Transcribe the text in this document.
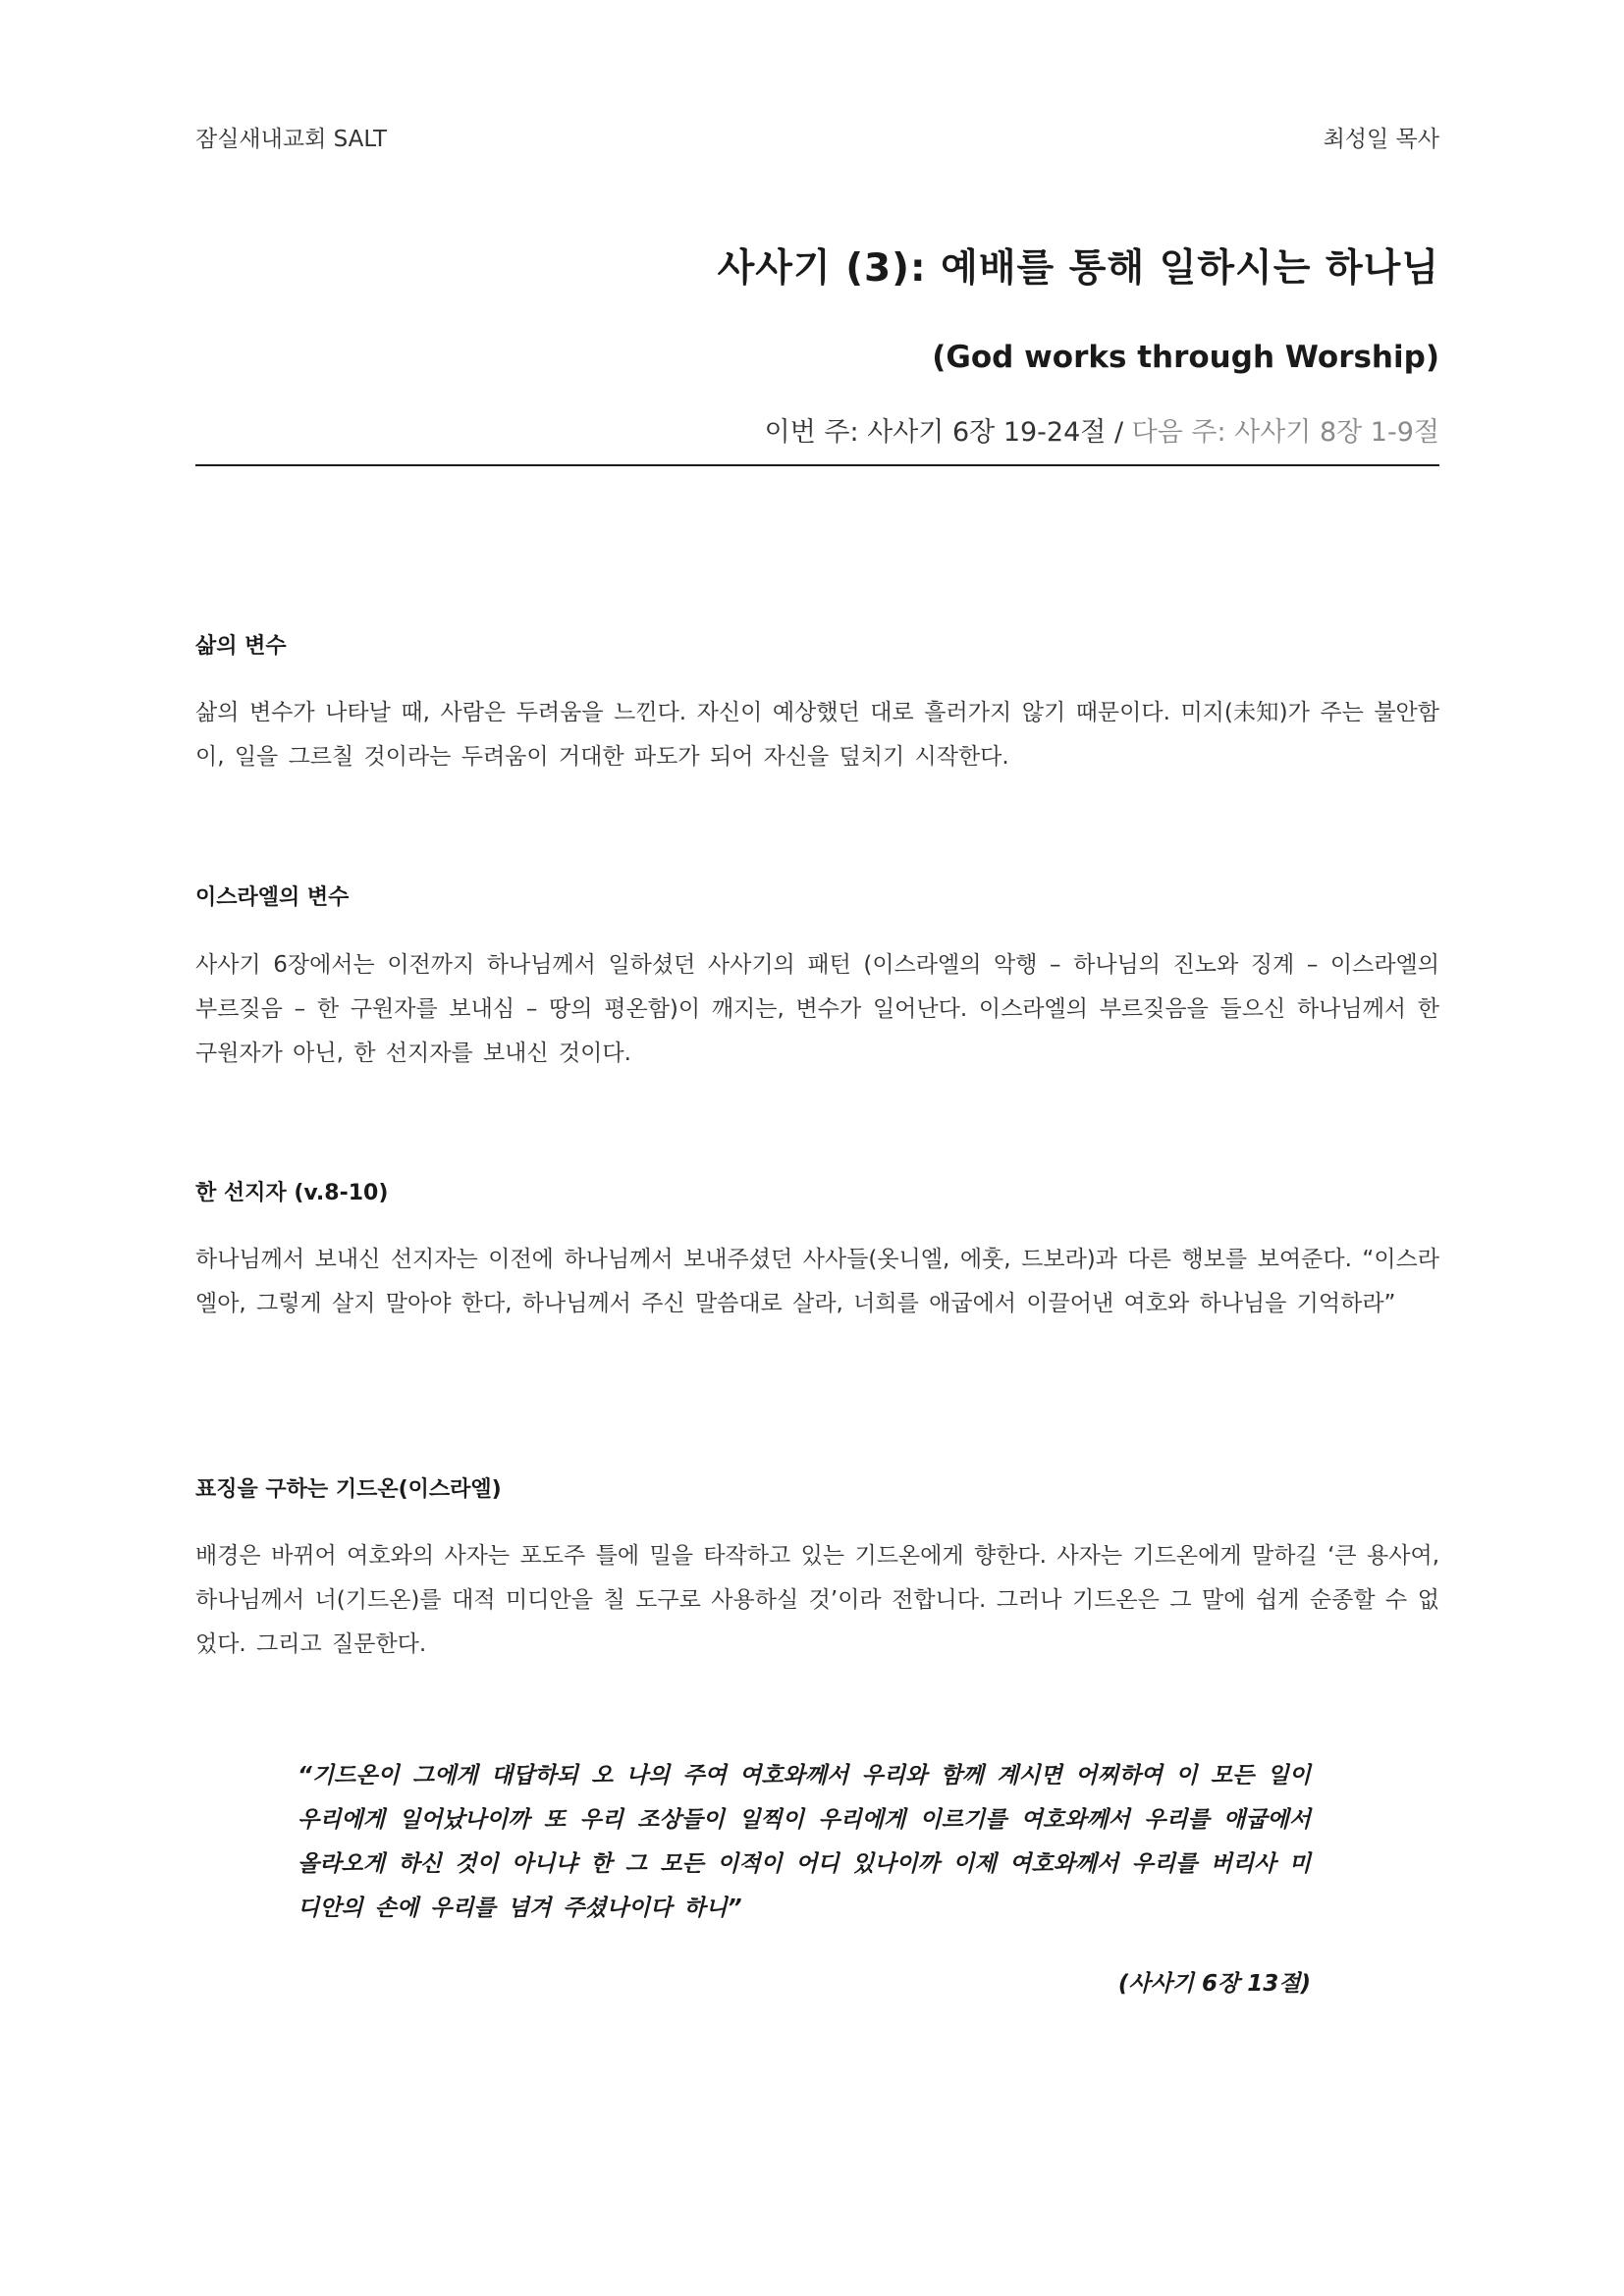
잠실새내교회 SALT	최성일 목사
사사기 (3): 예배를 통해 일하시는 하나님
(God works through Worship)
이번 주: 사사기 6장 19-24절 / 다음 주: 사사기 8장 1-9절
삶의 변수
삶의 변수가 나타날 때, 사람은 두려움을 느낀다. 자신이 예상했던 대로 흘러가지 않기 때문이다. 미지(未知)가 주는 불안함이, 일을 그르칠 것이라는 두려움이 거대한 파도가 되어 자신을 덮치기 시작한다.
이스라엘의 변수
사사기 6장에서는 이전까지 하나님께서 일하셨던 사사기의 패턴 (이스라엘의 악행 – 하나님의 진노와 징계 – 이스라엘의 부르짖음 – 한 구원자를 보내심 – 땅의 평온함)이 깨지는, 변수가 일어난다. 이스라엘의 부르짖음을 들으신 하나님께서 한 구원자가 아닌, 한 선지자를 보내신 것이다.
한 선지자 (v.8-10)
하나님께서 보내신 선지자는 이전에 하나님께서 보내주셨던 사사들(옷니엘, 에훗, 드보라)과 다른 행보를 보여준다. “이스라엘아, 그렇게 살지 말아야 한다, 하나님께서 주신 말씀대로 살라, 너희를 애굽에서 이끌어낸 여호와 하나님을 기억하라”
표징을 구하는 기드온(이스라엘)
배경은 바뀌어 여호와의 사자는 포도주 틀에 밀을 타작하고 있는 기드온에게 향한다. 사자는 기드온에게 말하길 ‘큰 용사여, 하나님께서 너(기드온)를 대적 미디안을 칠 도구로 사용하실 것’이라 전합니다. 그러나 기드온은 그 말에 쉽게 순종할 수 없었다. 그리고 질문한다.
“기드온이 그에게 대답하되 오 나의 주여 여호와께서 우리와 함께 계시면 어찌하여 이 모든 일이 우리에게 일어났나이까 또 우리 조상들이 일찍이 우리에게 이르기를 여호와께서 우리를 애굽에서 올라오게 하신 것이 아니냐 한 그 모든 이적이 어디 있나이까 이제 여호와께서 우리를 버리사 미디안의 손에 우리를 넘겨 주셨나이다 하니”
(사사기 6장 13절)
